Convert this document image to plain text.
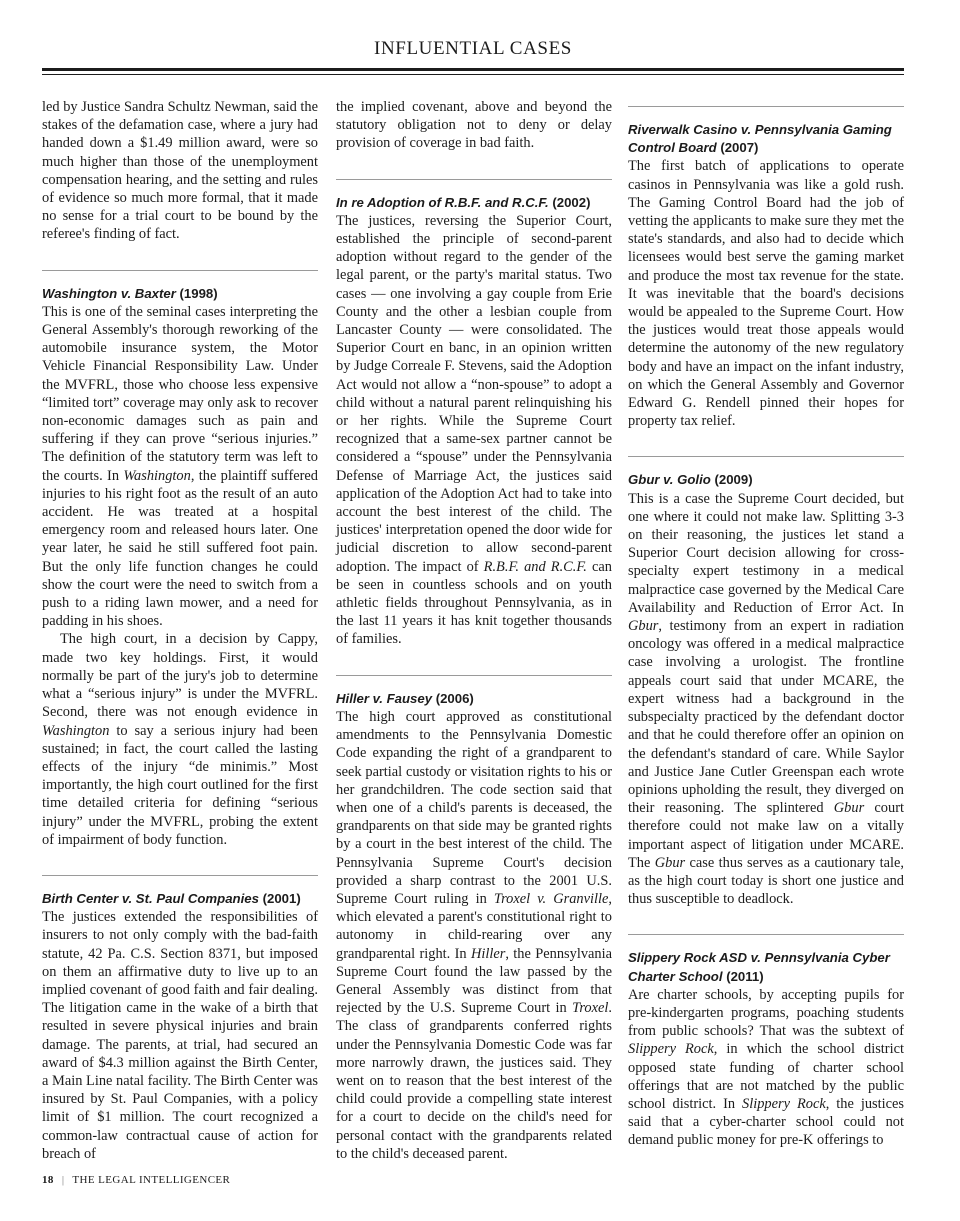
INFLUENTIAL CASES

led by Justice Sandra Schultz Newman, said the stakes of the defamation case, where a jury had handed down a $1.49 million award, were so much higher than those of the unemployment compensation hearing, and the setting and rules of evidence so much more formal, that it made no sense for a trial court to be bound by the referee's finding of fact.

Washington v. Baxter (1998)

This is one of the seminal cases interpreting the General Assembly's thorough reworking of the automobile insurance system, the Motor Vehicle Financial Responsibility Law. Under the MVFRL, those who choose less expensive “limited tort” coverage may only ask to recover non-economic damages such as pain and suffering if they can prove “serious injuries.” The definition of the statutory term was left to the courts. In Washington, the plaintiff suffered injuries to his right foot as the result of an auto accident. He was treated at a hospital emergency room and released hours later. One year later, he said he still suffered foot pain. But the only life function changes he could show the court were the need to switch from a push to a riding lawn mower, and a need for padding in his shoes.

The high court, in a decision by Cappy, made two key holdings. First, it would normally be part of the jury's job to determine what a “serious injury” is under the MVFRL. Second, there was not enough evidence in Washington to say a serious injury had been sustained; in fact, the court called the lasting effects of the injury “de minimis.” Most importantly, the high court outlined for the first time detailed criteria for defining “serious injury” under the MVFRL, probing the extent of impairment of body function.

Birth Center v. St. Paul Companies (2001)

The justices extended the responsibilities of insurers to not only comply with the bad-faith statute, 42 Pa. C.S. Section 8371, but imposed on them an affirmative duty to live up to an implied covenant of good faith and fair dealing. The litigation came in the wake of a birth that resulted in severe physical injuries and brain damage. The parents, at trial, had secured an award of $4.3 million against the Birth Center, a Main Line natal facility. The Birth Center was insured by St. Paul Companies, with a policy limit of $1 million. The court recognized a common-law contractual cause of action for breach of

the implied covenant, above and beyond the statutory obligation not to deny or delay provision of coverage in bad faith.

In re Adoption of R.B.F. and R.C.F. (2002)

The justices, reversing the Superior Court, established the principle of second-parent adoption without regard to the gender of the legal parent, or the party's marital status. Two cases — one involving a gay couple from Erie County and the other a lesbian couple from Lancaster County — were consolidated. The Superior Court en banc, in an opinion written by Judge Correale F. Stevens, said the Adoption Act would not allow a “non-spouse” to adopt a child without a natural parent relinquishing his or her rights. While the Supreme Court recognized that a same-sex partner cannot be considered a “spouse” under the Pennsylvania Defense of Marriage Act, the justices said application of the Adoption Act had to take into account the best interest of the child. The justices' interpretation opened the door wide for judicial discretion to allow second-parent adoption. The impact of R.B.F. and R.C.F. can be seen in countless schools and on youth athletic fields throughout Pennsylvania, as in the last 11 years it has knit together thousands of families.

Hiller v. Fausey (2006)

The high court approved as constitutional amendments to the Pennsylvania Domestic Code expanding the right of a grandparent to seek partial custody or visitation rights to his or her grandchildren. The code section said that when one of a child's parents is deceased, the grandparents on that side may be granted rights by a court in the best interest of the child. The Pennsylvania Supreme Court's decision provided a sharp contrast to the 2001 U.S. Supreme Court ruling in Troxel v. Granville, which elevated a parent's constitutional right to autonomy in child-rearing over any grandparental right. In Hiller, the Pennsylvania Supreme Court found the law passed by the General Assembly was distinct from that rejected by the U.S. Supreme Court in Troxel. The class of grandparents conferred rights under the Pennsylvania Domestic Code was far more narrowly drawn, the justices said. They went on to reason that the best interest of the child could provide a compelling state interest for a court to decide on the child's need for personal contact with the grandparents related to the child's deceased parent.

Riverwalk Casino v. Pennsylvania Gaming Control Board (2007)

The first batch of applications to operate casinos in Pennsylvania was like a gold rush. The Gaming Control Board had the job of vetting the applicants to make sure they met the state's standards, and also had to decide which licensees would best serve the gaming market and produce the most tax revenue for the state. It was inevitable that the board's decisions would be appealed to the Supreme Court. How the justices would treat those appeals would determine the autonomy of the new regulatory body and have an impact on the infant industry, on which the General Assembly and Governor Edward G. Rendell pinned their hopes for property tax relief.

Gbur v. Golio (2009)

This is a case the Supreme Court decided, but one where it could not make law. Splitting 3-3 on their reasoning, the justices let stand a Superior Court decision allowing for cross-specialty expert testimony in a medical malpractice case governed by the Medical Care Availability and Reduction of Error Act. In Gbur, testimony from an expert in radiation oncology was offered in a medical malpractice case involving a urologist. The frontline appeals court said that under MCARE, the expert witness had a background in the subspecialty practiced by the defendant doctor and that he could therefore offer an opinion on the defendant's standard of care. While Saylor and Justice Jane Cutler Greenspan each wrote opinions upholding the result, they diverged on their reasoning. The splintered Gbur court therefore could not make law on a vitally important aspect of litigation under MCARE. The Gbur case thus serves as a cautionary tale, as the high court today is short one justice and thus susceptible to deadlock.

Slippery Rock ASD v. Pennsylvania Cyber Charter School (2011)

Are charter schools, by accepting pupils for pre-kindergarten programs, poaching students from public schools? That was the subtext of Slippery Rock, in which the school district opposed state funding of charter school offerings that are not matched by the public school district. In Slippery Rock, the justices said that a cyber-charter school could not demand public money for pre-K offerings to

18 | THE LEGAL INTELLIGENCER
